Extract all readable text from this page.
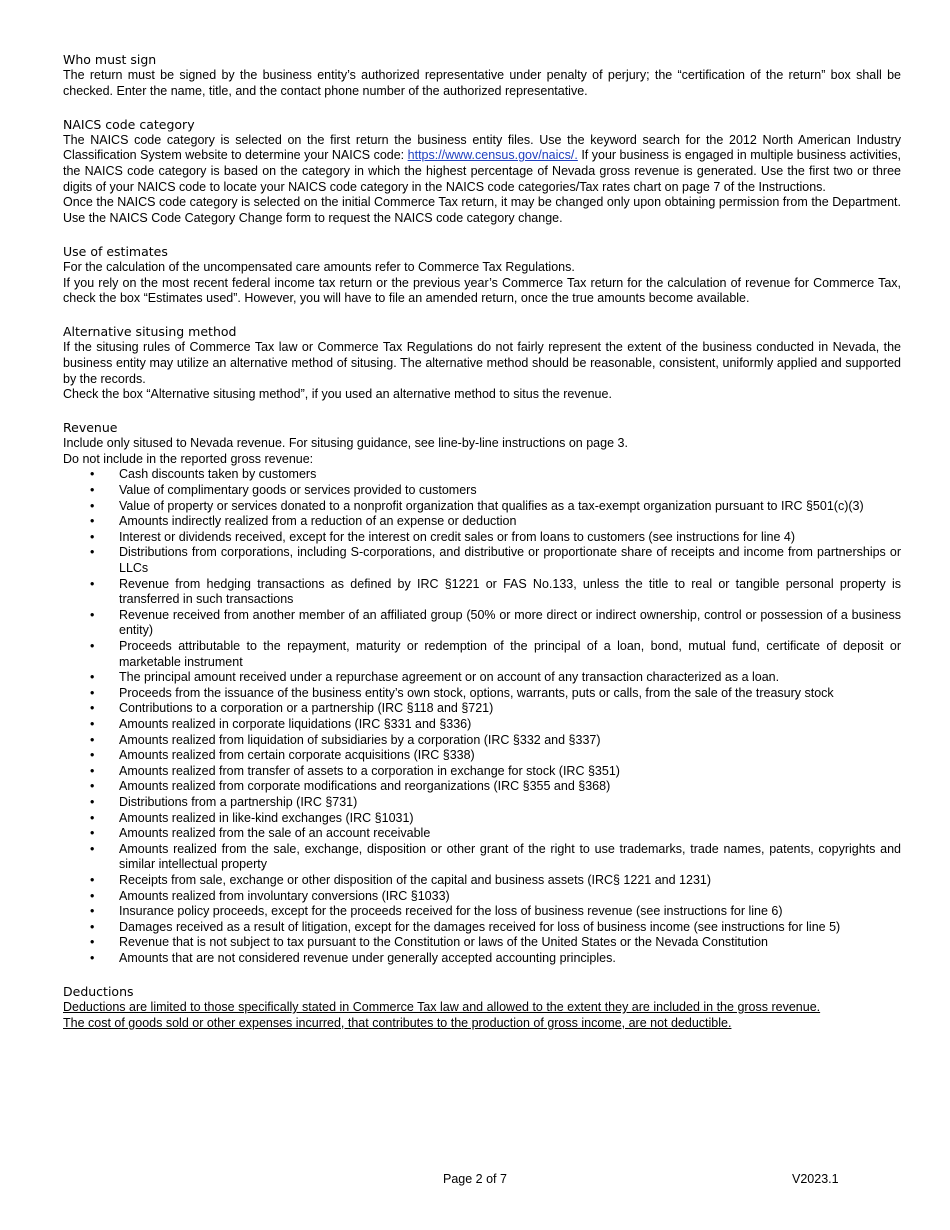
Who must sign

The return must be signed by the business entity’s authorized representative under penalty of perjury; the “certification of the return” box shall be checked. Enter the name, title, and the contact phone number of the authorized representative.

NAICS code category

The NAICS code category is selected on the first return the business entity files. Use the keyword search for the 2012 North American Industry Classification System website to determine your NAICS code: https://www.census.gov/naics/. If your business is engaged in multiple business activities, the NAICS code category is based on the category in which the highest percentage of Nevada gross revenue is generated. Use the first two or three digits of your NAICS code to locate your NAICS code category in the NAICS code categories/Tax rates chart on page 7 of the Instructions.

Once the NAICS code category is selected on the initial Commerce Tax return, it may be changed only upon obtaining permission from the Department. Use the NAICS Code Category Change form to request the NAICS code category change.

Use of estimates

For the calculation of the uncompensated care amounts refer to Commerce Tax Regulations.

If you rely on the most recent federal income tax return or the previous year’s Commerce Tax return for the calculation of revenue for Commerce Tax, check the box “Estimates used”. However, you will have to file an amended return, once the true amounts become available.

Alternative situsing method

If the situsing rules of Commerce Tax law or Commerce Tax Regulations do not fairly represent the extent of the business conducted in Nevada, the business entity may utilize an alternative method of situsing. The alternative method should be reasonable, consistent, uniformly applied and supported by the records.

Check the box “Alternative situsing method”, if you used an alternative method to situs the revenue.

Revenue

Include only sitused to Nevada revenue. For situsing guidance, see line-by-line instructions on page 3.

Do not include in the reported gross revenue:

• Cash discounts taken by customers
• Value of complimentary goods or services provided to customers
• Value of property or services donated to a nonprofit organization that qualifies as a tax-exempt organization pursuant to IRC §501(c)(3)
• Amounts indirectly realized from a reduction of an expense or deduction
• Interest or dividends received, except for the interest on credit sales or from loans to customers (see instructions for line 4)
• Distributions from corporations, including S-corporations, and distributive or proportionate share of receipts and income from partnerships or LLCs
• Revenue from hedging transactions as defined by IRC §1221 or FAS No.133, unless the title to real or tangible personal property is transferred in such transactions
• Revenue received from another member of an affiliated group (50% or more direct or indirect ownership, control or possession of a business entity)
• Proceeds attributable to the repayment, maturity or redemption of the principal of a loan, bond, mutual fund, certificate of deposit or marketable instrument
• The principal amount received under a repurchase agreement or on account of any transaction characterized as a loan.
• Proceeds from the issuance of the business entity’s own stock, options, warrants, puts or calls, from the sale of the treasury stock
• Contributions to a corporation or a partnership (IRC §118 and §721)
• Amounts realized in corporate liquidations (IRC §331 and §336)
• Amounts realized from liquidation of subsidiaries by a corporation (IRC §332 and §337)
• Amounts realized from certain corporate acquisitions (IRC §338)
• Amounts realized from transfer of assets to a corporation in exchange for stock (IRC §351)
• Amounts realized from corporate modifications and reorganizations (IRC §355 and §368)
• Distributions from a partnership (IRC §731)
• Amounts realized in like-kind exchanges (IRC §1031)
• Amounts realized from the sale of an account receivable
• Amounts realized from the sale, exchange, disposition or other grant of the right to use trademarks, trade names, patents, copyrights and similar intellectual property
• Receipts from sale, exchange or other disposition of the capital and business assets (IRC§ 1221 and 1231)
• Amounts realized from involuntary conversions (IRC §1033)
• Insurance policy proceeds, except for the proceeds received for the loss of business revenue (see instructions for line 6)
• Damages received as a result of litigation, except for the damages received for loss of business income (see instructions for line 5)
• Revenue that is not subject to tax pursuant to the Constitution or laws of the United States or the Nevada Constitution
• Amounts that are not considered revenue under generally accepted accounting principles.
Deductions
Deductions are limited to those specifically stated in Commerce Tax law and allowed to the extent they are included in the gross revenue.
The cost of goods sold or other expenses incurred, that contributes to the production of gross income, are not deductible.
Page 2 of 7	V2023.1
